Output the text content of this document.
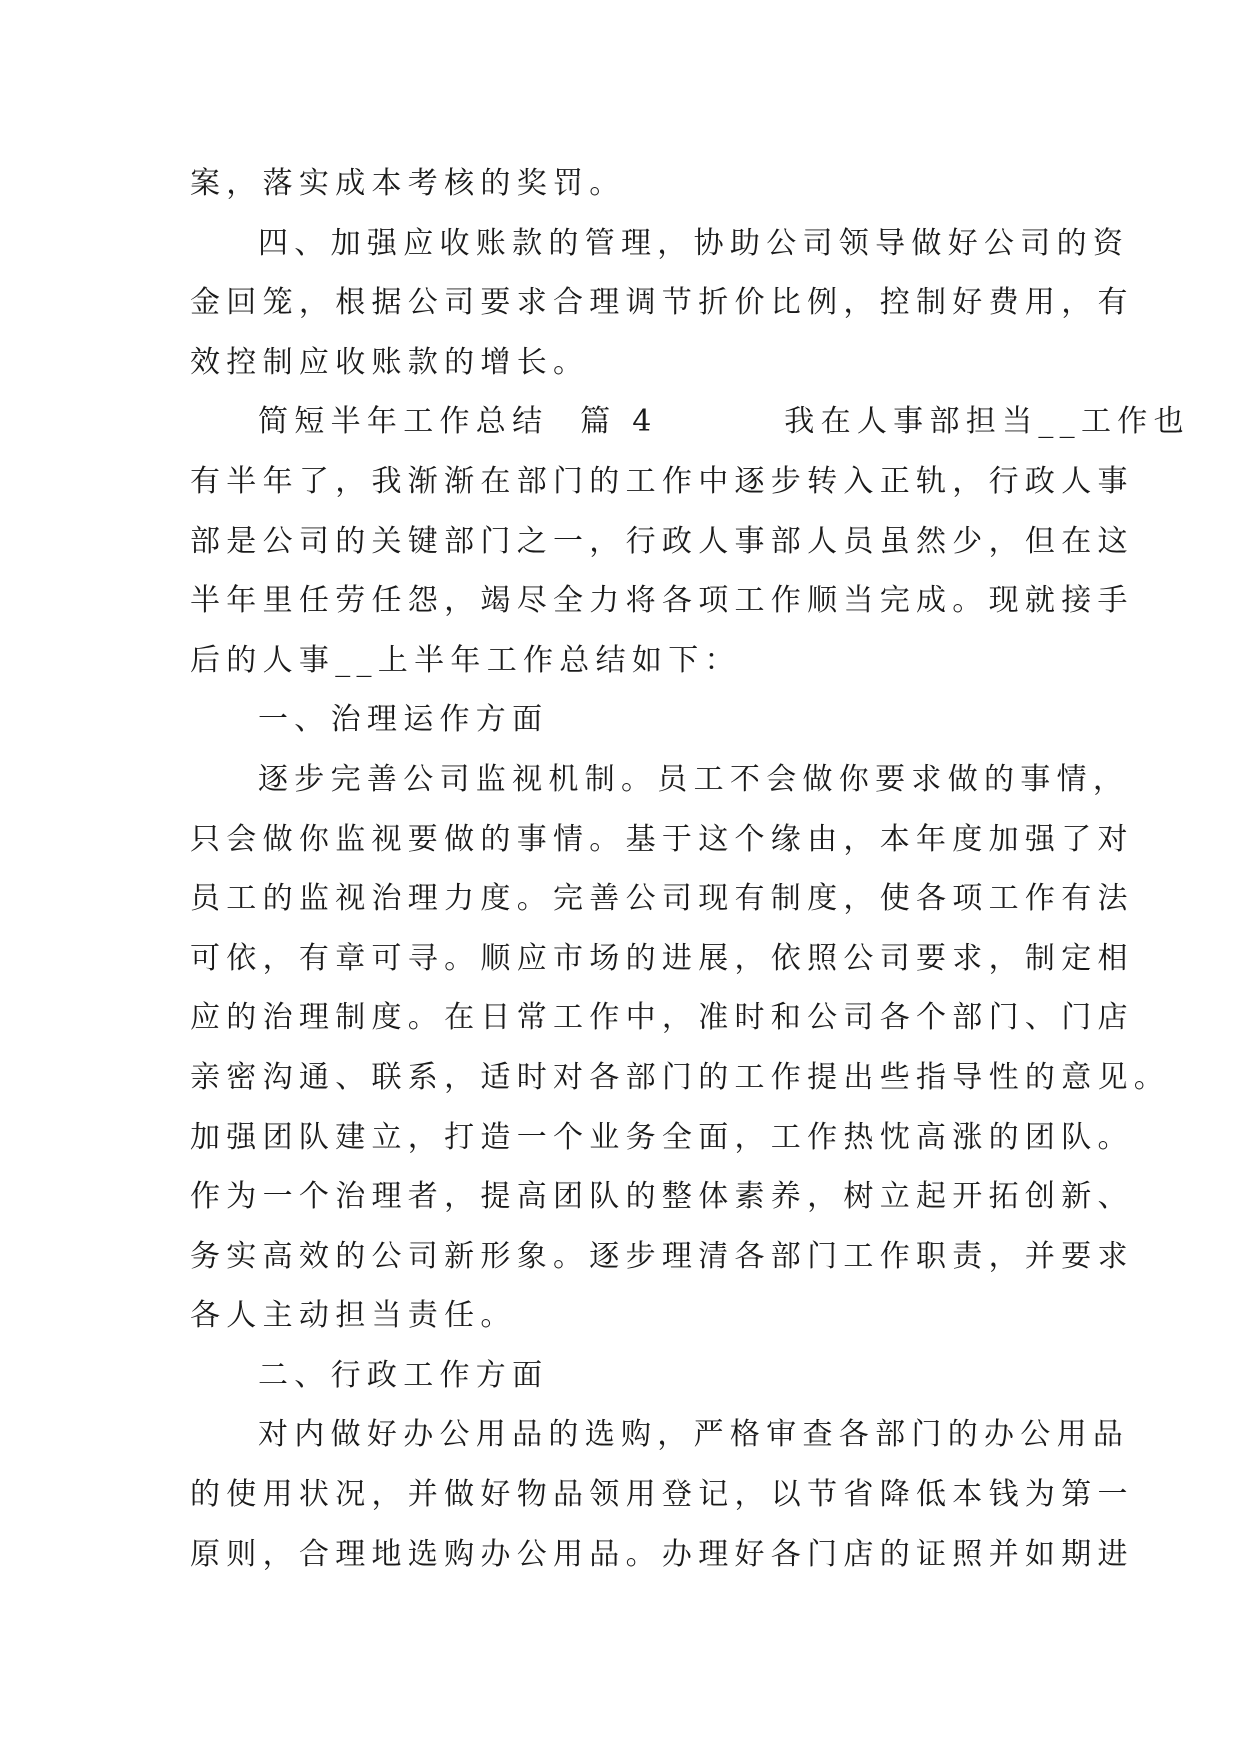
案，落实成本考核的奖罚。
四、加强应收账款的管理，协助公司领导做好公司的资
金回笼，根据公司要求合理调节折价比例，控制好费用，有
效控制应收账款的增长。
简短半年工作总结  篇 4        我在人事部担当__工作也
有半年了，我渐渐在部门的工作中逐步转入正轨，行政人事
部是公司的关键部门之一，行政人事部人员虽然少，但在这
半年里任劳任怨，竭尽全力将各项工作顺当完成。现就接手
后的人事__上半年工作总结如下：
一、治理运作方面
逐步完善公司监视机制。员工不会做你要求做的事情，
只会做你监视要做的事情。基于这个缘由，本年度加强了对
员工的监视治理力度。完善公司现有制度，使各项工作有法
可依，有章可寻。顺应市场的进展，依照公司要求，制定相
应的治理制度。在日常工作中，准时和公司各个部门、门店
亲密沟通、联系，适时对各部门的工作提出些指导性的意见。
加强团队建立，打造一个业务全面，工作热忱高涨的团队。
作为一个治理者，提高团队的整体素养，树立起开拓创新、
务实高效的公司新形象。逐步理清各部门工作职责，并要求
各人主动担当责任。
二、行政工作方面
对内做好办公用品的选购，严格审查各部门的办公用品
的使用状况，并做好物品领用登记，以节省降低本钱为第一
原则，合理地选购办公用品。办理好各门店的证照并如期进
